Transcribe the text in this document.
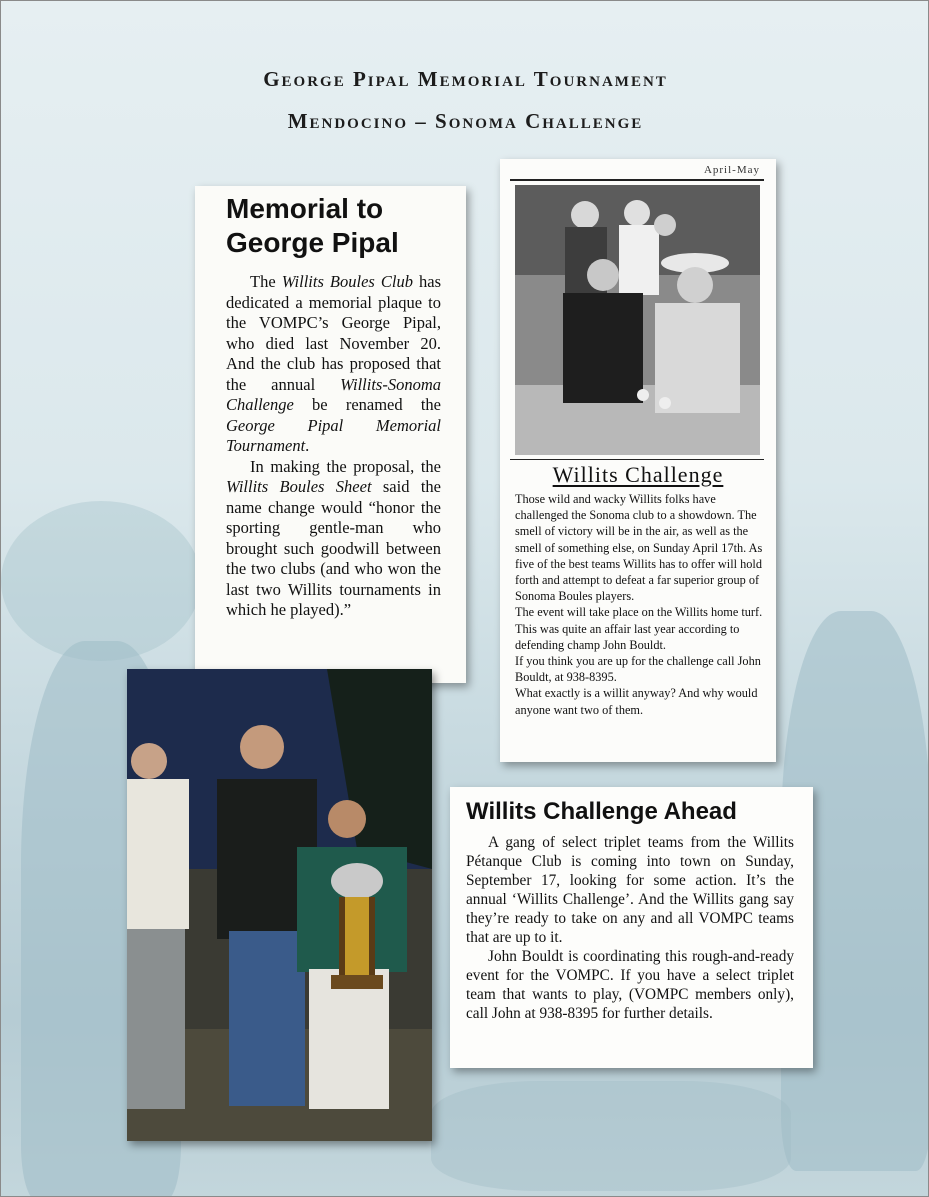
George Pipal Memorial Tournament
Mendocino – Sonoma Challenge
Memorial to
George Pipal

The Willits Boules Club has dedicated a memorial plaque to the VOMPC’s George Pipal, who died last November 20. And the club has proposed that the annual Willits-Sonoma Challenge be renamed the George Pipal Memorial Tournament.

In making the proposal, the Willits Boules Sheet said the name change would “honor the sporting gentle-man who brought such goodwill between the two clubs (and who won the last two Willits tournaments in which he played).”

April-May
Willits Challenge
Those wild and wacky Willits folks have challenged the Sonoma club to a showdown. The smell of victory will be in the air, as well as the smell of something else, on Sunday April 17th. As five of the best teams Willits has to offer will hold forth and attempt to defeat a far superior group of Sonoma Boules players.
The event will take place on the Willits home turf.
This was quite an affair last year according to defending champ John Bouldt.
If you think you are up for the challenge call John Bouldt, at 938-8395.
What exactly is a willit anyway? And why would anyone want two of them.
Willits Challenge Ahead

A gang of select triplet teams from the Willits Pétanque Club is coming into town on Sunday, September 17, looking for some action. It’s the annual ‘Willits Challenge’. And the Willits gang say they’re ready to take on any and all VOMPC teams that are up to it.

John Bouldt is coordinating this rough-and-ready event for the VOMPC. If you have a select triplet team that wants to play, (VOMPC members only), call John at 938-8395 for further details.
